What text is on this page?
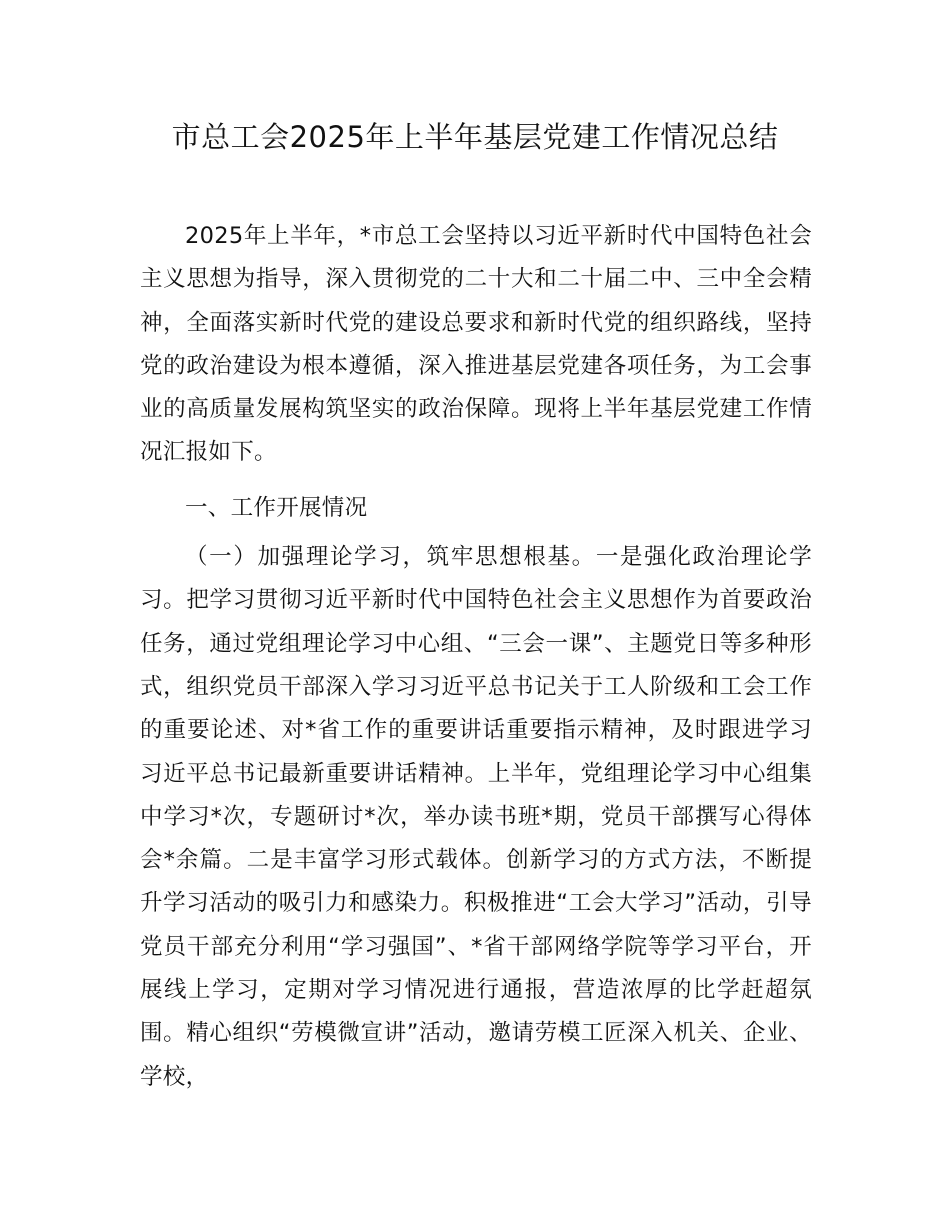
市总工会2025年上半年基层党建工作情况总结

2025年上半年，*市总工会坚持以习近平新时代中国特色社会主义思想为指导，深入贯彻党的二十大和二十届二中、三中全会精神，全面落实新时代党的建设总要求和新时代党的组织路线，坚持党的政治建设为根本遵循，深入推进基层党建各项任务，为工会事业的高质量发展构筑坚实的政治保障。现将上半年基层党建工作情况汇报如下。

一、工作开展情况

（一）加强理论学习，筑牢思想根基。一是强化政治理论学习。把学习贯彻习近平新时代中国特色社会主义思想作为首要政治任务，通过党组理论学习中心组、“三会一课”、主题党日等多种形式，组织党员干部深入学习习近平总书记关于工人阶级和工会工作的重要论述、对*省工作的重要讲话重要指示精神，及时跟进学习习近平总书记最新重要讲话精神。上半年，党组理论学习中心组集中学习*次，专题研讨*次，举办读书班*期，党员干部撰写心得体会*余篇。二是丰富学习形式载体。创新学习的方式方法，不断提升学习活动的吸引力和感染力。积极推进“工会大学习”活动，引导党员干部充分利用“学习强国”、*省干部网络学院等学习平台，开展线上学习，定期对学习情况进行通报，营造浓厚的比学赶超氛围。精心组织“劳模微宣讲”活动，邀请劳模工匠深入机关、企业、学校，
